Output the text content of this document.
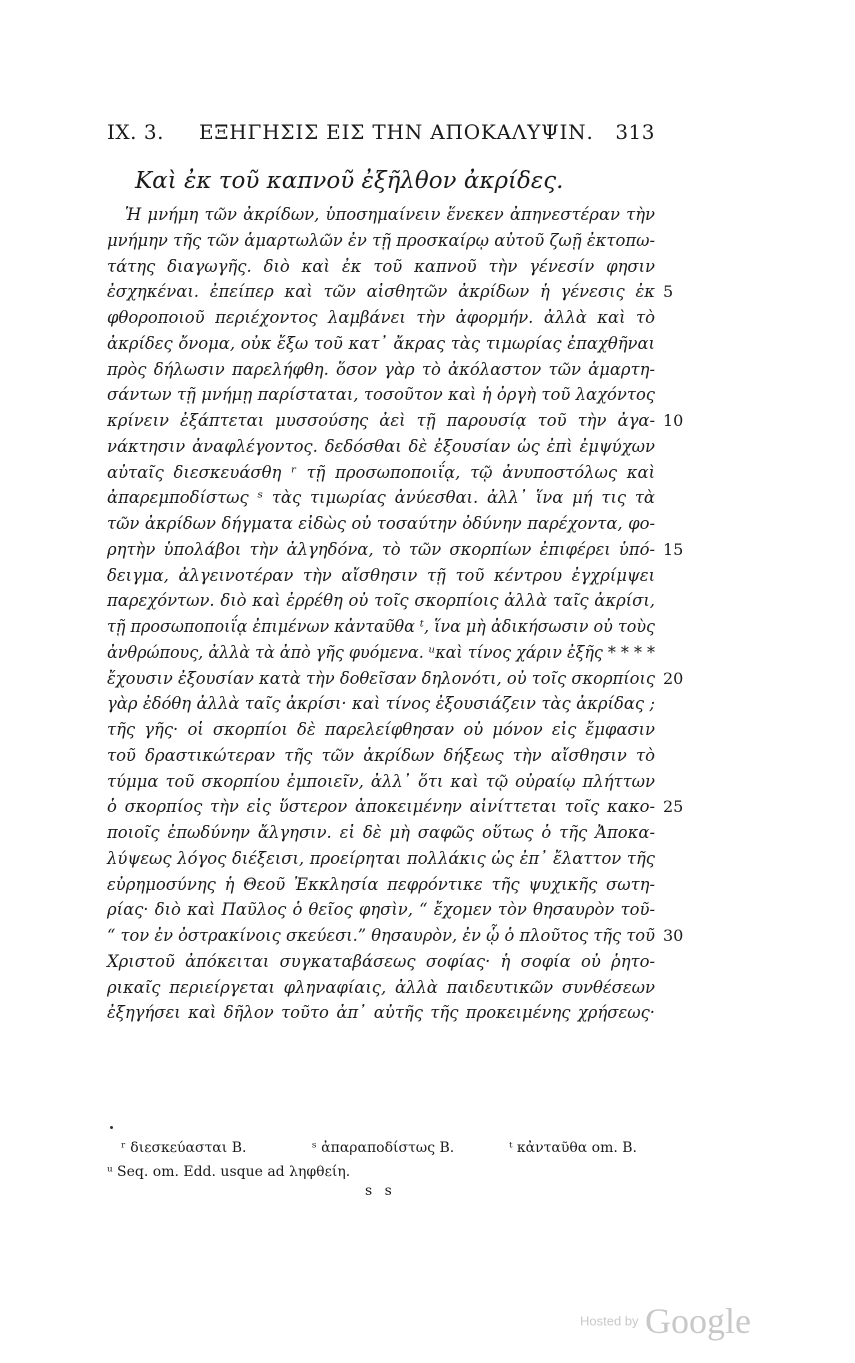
IX. 3. ΕΞΗΓΗΣΙΣ ΕΙΣ ΤΗΝ ΑΠΟΚΑΛΥΨΙΝ. 313
Καὶ ἐκ τοῦ καπνοῦ ἐξῆλθον ἀκρίδες.
Ἡ μνήμη τῶν ἀκρίδων, ὑποσημαίνειν ἕνεκεν ἀπηνεστέραν τὴν
μνήμην τῆς τῶν ἁμαρτωλῶν ἐν τῇ προσκαίρῳ αὐτοῦ ζωῇ ἐκτοπω-
τάτης διαγωγῆς. διὸ καὶ ἐκ τοῦ καπνοῦ τὴν γένεσίν φησιν
ἐσχηκέναι. ἐπείπερ καὶ τῶν αἰσθητῶν ἀκρίδων ἡ γένεσις ἐκ 5
φθοροποιοῦ περιέχοντος λαμβάνει τὴν ἀφορμήν. ἀλλὰ καὶ τὸ
ἀκρίδες ὄνομα, οὐκ ἔξω τοῦ κατ᾽ ἄκρας τὰς τιμωρίας ἐπαχθῆναι
πρὸς δήλωσιν παρελήφθη. ὅσον γὰρ τὸ ἀκόλαστον τῶν ἁμαρτη-
σάντων τῇ μνήμῃ παρίσταται, τοσοῦτον καὶ ἡ ὀργὴ τοῦ λαχόντος
κρίνειν ἐξάπτεται μυσσούσης ἀεὶ τῇ παρουσίᾳ τοῦ τὴν ἀγα- 10
νάκτησιν ἀναφλέγοντος. δεδόσθαι δὲ ἐξουσίαν ὡς ἐπὶ ἐμψύχων
αὐταῖς διεσκευάσθη ʳ τῇ προσωποποιΐᾳ, τῷ ἀνυποστόλως καὶ
ἀπαρεμποδίστως ˢ τὰς τιμωρίας ἀνύεσθαι. ἀλλ᾽ ἵνα μή τις τὰ
τῶν ἀκρίδων δήγματα εἰδὼς οὐ τοσαύτην ὀδύνην παρέχοντα, φο-
ρητὴν ὑπολάβοι τὴν ἀλγηδόνα, τὸ τῶν σκορπίων ἐπιφέρει ὑπό- 15
δειγμα, ἀλγεινοτέραν τὴν αἴσθησιν τῇ τοῦ κέντρου ἐγχρίμψει
παρεχόντων. διὸ καὶ ἐρρέθη οὐ τοῖς σκορπίοις ἀλλὰ ταῖς ἀκρίσι,
τῇ προσωποποιΐᾳ ἐπιμένων κἀνταῦθα ᵗ, ἵνα μὴ ἀδικήσωσιν οὐ τοὺς
ἀνθρώπους, ἀλλὰ τὰ ἀπὸ γῆς φυόμενα. ᵘκαὶ τίνος χάριν ἐξῆς * * * *
ἔχουσιν ἐξουσίαν κατὰ τὴν δοθεῖσαν δηλονότι, οὐ τοῖς σκορπίοις 20
γὰρ ἐδόθη ἀλλὰ ταῖς ἀκρίσι· καὶ τίνος ἐξουσιάζειν τὰς ἀκρίδας ;
τῆς γῆς· οἱ σκορπίοι δὲ παρελείφθησαν οὐ μόνον εἰς ἔμφασιν
τοῦ δραστικώτεραν τῆς τῶν ἀκρίδων δήξεως τὴν αἴσθησιν τὸ
τύμμα τοῦ σκορπίου ἐμποιεῖν, ἀλλ᾽ ὅτι καὶ τῷ οὐραίῳ πλήττων
ὁ σκορπίος τὴν εἰς ὕστερον ἀποκειμένην αἰνίττεται τοῖς κακο- 25
ποιοῖς ἐπωδύνην ἄλγησιν. εἰ δὲ μὴ σαφῶς οὕτως ὁ τῆς Ἀποκα-
λύψεως λόγος διέξεισι, προείρηται πολλάκις ὡς ἐπ᾽ ἔλαττον τῆς
εὐρημοσύνης ἡ Θεοῦ Ἐκκλησία πεφρόντικε τῆς ψυχικῆς σωτη-
ρίας· διὸ καὶ Παῦλος ὁ θεῖος φησὶν, “ ἔχομεν τὸν θησαυρὸν τοῦ-
“ τον ἐν ὀστρακίνοις σκεύεσι.” θησαυρὸν, ἐν ᾧ ὁ πλοῦτος τῆς τοῦ 30
Χριστοῦ ἀπόκειται συγκαταβάσεως σοφίας· ἡ σοφία οὐ ῥητο-
ρικαῖς περιείργεται φληναφίαις, ἀλλὰ παιδευτικῶν συνθέσεων
ἐξηγήσει καὶ δῆλον τοῦτο ἀπ᾽ αὐτῆς τῆς προκειμένης χρήσεως·
ʳ διεσκεύασται B.	ˢ ἀπαραποδίστως B.	ᵗ κἀνταῦθα om. B.
ᵘ Seq. om. Edd. usque ad ληφθείη.
s s
Hosted by Google
